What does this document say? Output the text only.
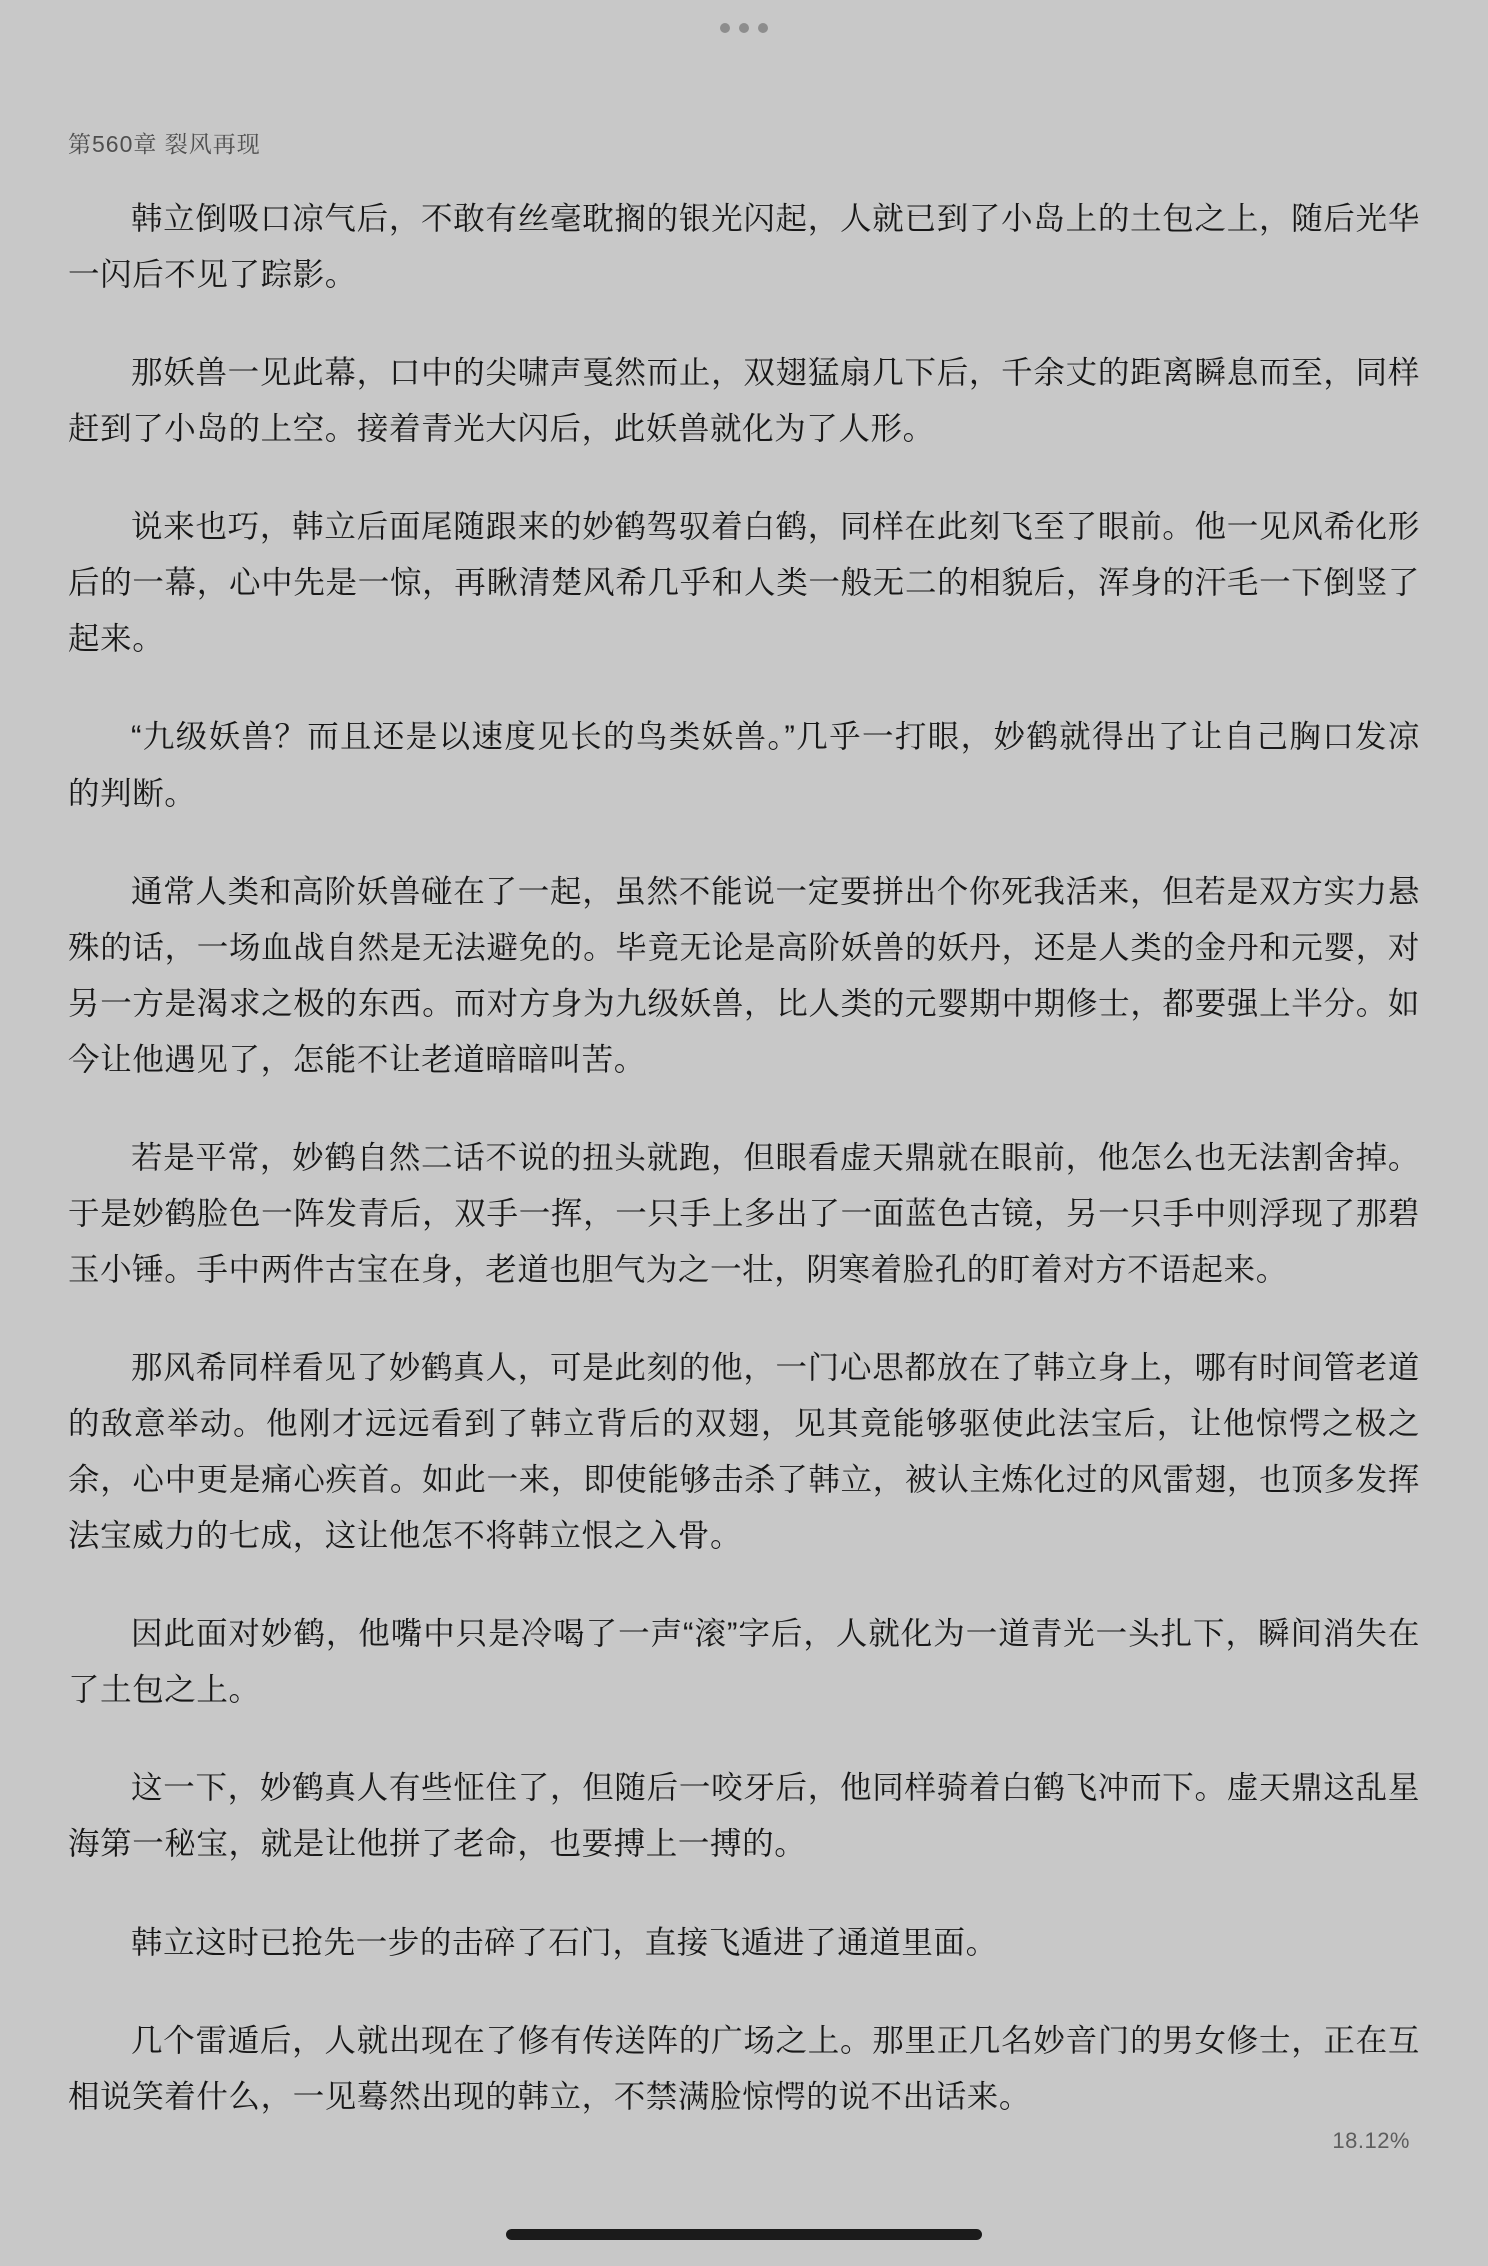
第560章 裂风再现

韩立倒吸口凉气后，不敢有丝毫耽搁的银光闪起，人就已到了小岛上的土包之上，随后光华一闪后不见了踪影。

那妖兽一见此幕，口中的尖啸声戛然而止，双翅猛扇几下后，千余丈的距离瞬息而至，同样赶到了小岛的上空。接着青光大闪后，此妖兽就化为了人形。

说来也巧，韩立后面尾随跟来的妙鹤驾驭着白鹤，同样在此刻飞至了眼前。他一见风希化形后的一幕，心中先是一惊，再瞅清楚风希几乎和人类一般无二的相貌后，浑身的汗毛一下倒竖了起来。

“九级妖兽？而且还是以速度见长的鸟类妖兽。”几乎一打眼，妙鹤就得出了让自己胸口发凉的判断。

通常人类和高阶妖兽碰在了一起，虽然不能说一定要拼出个你死我活来，但若是双方实力悬殊的话，一场血战自然是无法避免的。毕竟无论是高阶妖兽的妖丹，还是人类的金丹和元婴，对另一方是渴求之极的东西。而对方身为九级妖兽，比人类的元婴期中期修士，都要强上半分。如今让他遇见了，怎能不让老道暗暗叫苦。

若是平常，妙鹤自然二话不说的扭头就跑，但眼看虚天鼎就在眼前，他怎么也无法割舍掉。于是妙鹤脸色一阵发青后，双手一挥，一只手上多出了一面蓝色古镜，另一只手中则浮现了那碧玉小锤。手中两件古宝在身，老道也胆气为之一壮，阴寒着脸孔的盯着对方不语起来。

那风希同样看见了妙鹤真人，可是此刻的他，一门心思都放在了韩立身上，哪有时间管老道的敌意举动。他刚才远远看到了韩立背后的双翅，见其竟能够驱使此法宝后，让他惊愕之极之余，心中更是痛心疾首。如此一来，即使能够击杀了韩立，被认主炼化过的风雷翅，也顶多发挥法宝威力的七成，这让他怎不将韩立恨之入骨。

因此面对妙鹤，他嘴中只是冷喝了一声“滚”字后，人就化为一道青光一头扎下，瞬间消失在了土包之上。

这一下，妙鹤真人有些怔住了，但随后一咬牙后，他同样骑着白鹤飞冲而下。虚天鼎这乱星海第一秘宝，就是让他拼了老命，也要搏上一搏的。

韩立这时已抢先一步的击碎了石门，直接飞遁进了通道里面。

几个雷遁后，人就出现在了修有传送阵的广场之上。那里正几名妙音门的男女修士，正在互相说笑着什么，一见蓦然出现的韩立，不禁满脸惊愕的说不出话来。

18.12%
